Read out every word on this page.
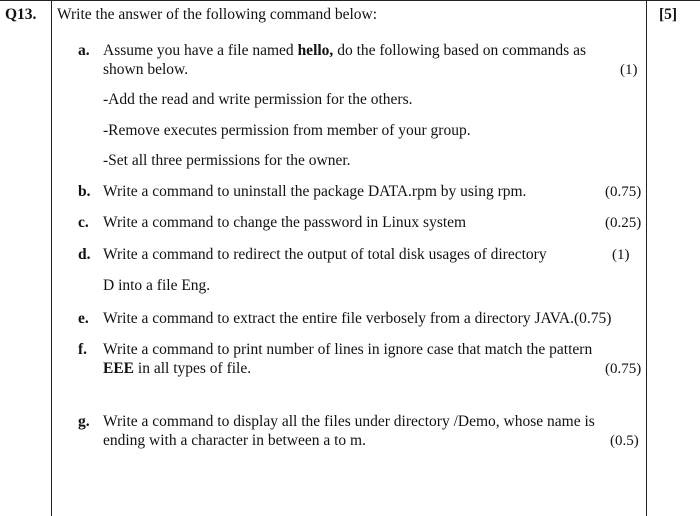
Q13. Write the answer of the following command below:	[5]
a. Assume you have a file named hello, do the following based on commands as
shown below.	(1)
-Add the read and write permission for the others.
-Remove executes permission from member of your group.
-Set all three permissions for the owner.
b. Write a command to uninstall the package DATA.rpm by using rpm.	(0.75)
c. Write a command to change the password in Linux system	(0.25)
d. Write a command to redirect the output of total disk usages of directory	(1)
D into a file Eng.
e. Write a command to extract the entire file verbosely from a directory JAVA.(0.75)
f. Write a command to print number of lines in ignore case that match the pattern
EEE in all types of file.	(0.75)
g. Write a command to display all the files under directory /Demo, whose name is
ending with a character in between a to m.	(0.5)
